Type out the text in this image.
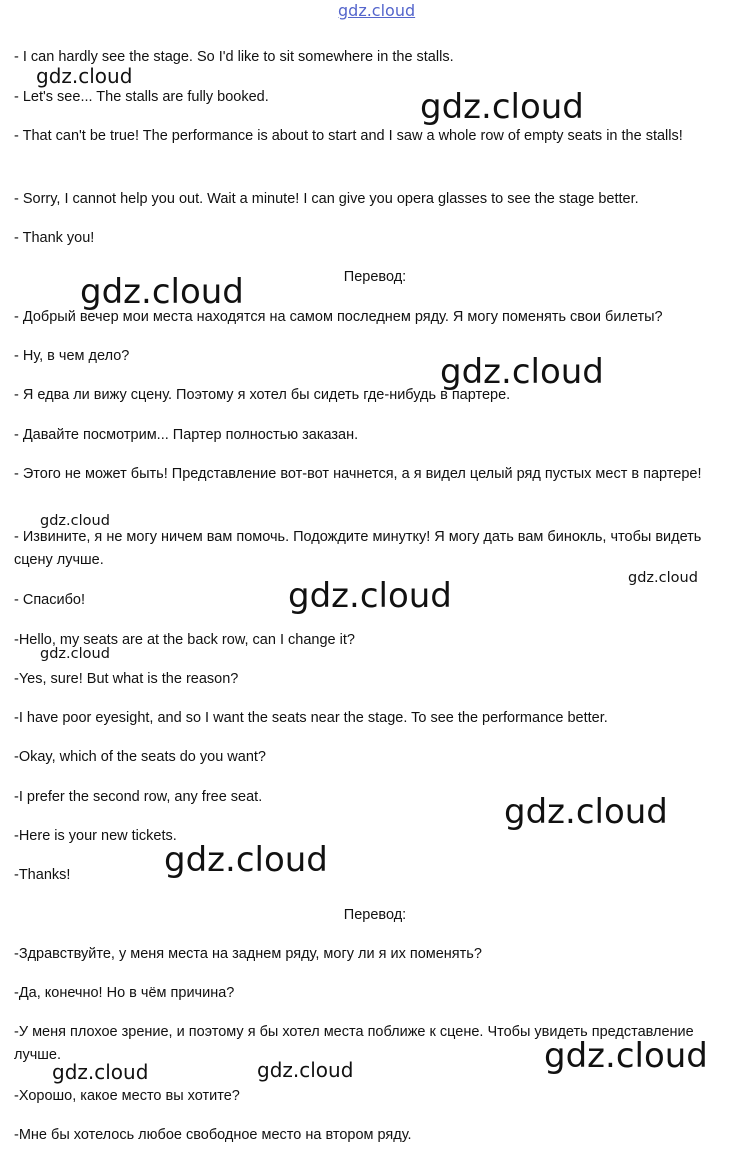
gdz.cloud
- I can hardly see the stage. So I'd like to sit somewhere in the stalls.
- Let's see... The stalls are fully booked.
- That can't be true! The performance is about to start and I saw a whole row of empty seats in the stalls!
- Sorry, I cannot help you out. Wait a minute! I can give you opera glasses to see the stage better.
- Thank you!
Перевод:
- Добрый вечер мои места находятся на самом последнем ряду. Я могу поменять свои билеты?
- Ну, в чем дело?
- Я едва ли вижу сцену. Поэтому я хотел бы сидеть где-нибудь в партере.
- Давайте посмотрим... Партер полностью заказан.
- Этого не может быть! Представление вот-вот начнется, а я видел целый ряд пустых мест в партере!
- Извините, я не могу ничем вам помочь. Подождите минутку! Я могу дать вам бинокль, чтобы видеть сцену лучше.
- Спасибо!
-Hello, my seats are at the back row, can I change it?
-Yes, sure! But what is the reason?
-I have poor eyesight, and so I want the seats near the stage. To see the performance better.
-Okay, which of the seats do you want?
-I prefer the second row, any free seat.
-Here is your new tickets.
-Thanks!
Перевод:
-Здравствуйте, у меня места на заднем ряду, могу ли я их поменять?
-Да, конечно! Но в чём причина?
-У меня плохое зрение, и поэтому я бы хотел места поближе к сцене. Чтобы увидеть представление лучше.
-Хорошо, какое место вы хотите?
-Мне бы хотелось любое свободное место на втором ряду.
gdz.cloud
gdz.cloud
gdz.cloud
gdz.cloud
gdz.cloud
gdz.cloud
gdz.cloud
gdz.cloud
gdz.cloud
gdz.cloud
gdz.cloud
gdz.cloud	gdz.cloud
